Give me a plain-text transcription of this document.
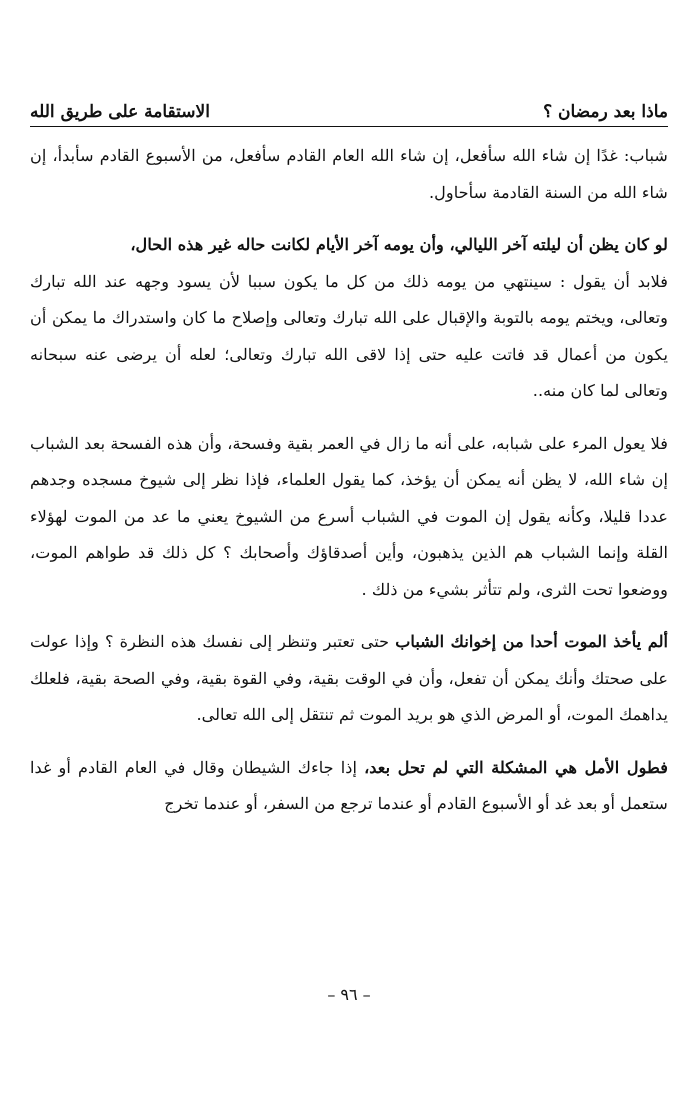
ماذا بعد رمضان ؟
الاستقامة على طريق الله

شباب: غدًا إن شاء الله سأفعل، إن شاء الله العام القادم سأفعل، من الأسبوع القادم سأبدأ، إن شاء الله من السنة القادمة سأحاول.

لو كان يظن أن ليلته آخر الليالي، وأن يومه آخر الأيام لكانت حاله غير هذه الحال،

فلابد أن يقول : سينتهي من يومه ذلك من كل ما يكون سببا لأن يسود وجهه عند الله تبارك وتعالى، ويختم يومه بالتوبة والإقبال على الله تبارك وتعالى وإصلاح ما كان واستدراك ما يمكن أن يكون من أعمال قد فاتت عليه حتى إذا لاقى الله تبارك وتعالى؛ لعله أن يرضى عنه سبحانه وتعالى لما كان منه..

فلا يعول المرء على شبابه، على أنه ما زال في العمر بقية وفسحة، وأن هذه الفسحة بعد الشباب إن شاء الله، لا يظن أنه يمكن أن يؤخذ، كما يقول العلماء، فإذا نظر إلى شيوخ مسجده وجدهم عددا قليلا، وكأنه يقول إن الموت في الشباب أسرع من الشيوخ يعني ما عد من الموت لهؤلاء القلة وإنما الشباب هم الذين يذهبون، وأين أصدقاؤك وأصحابك ؟ كل ذلك قد طواهم الموت، ووضعوا تحت الثرى، ولم تتأثر بشيء من ذلك .

ألم يأخذ الموت أحدا من إخوانك الشباب حتى تعتبر وتنظر إلى نفسك هذه النظرة ؟ وإذا عولت على صحتك وأنك يمكن أن تفعل، وأن في الوقت بقية، وفي القوة بقية، وفي الصحة بقية، فلعلك يداهمك الموت، أو المرض الذي هو بريد الموت ثم تنتقل إلى الله تعالى.

فطول الأمل هي المشكلة التي لم تحل بعد، إذا جاءك الشيطان وقال في العام القادم أو غدا ستعمل أو بعد غد أو الأسبوع القادم أو عندما ترجع من السفر، أو عندما تخرج

– ٩٦ –
